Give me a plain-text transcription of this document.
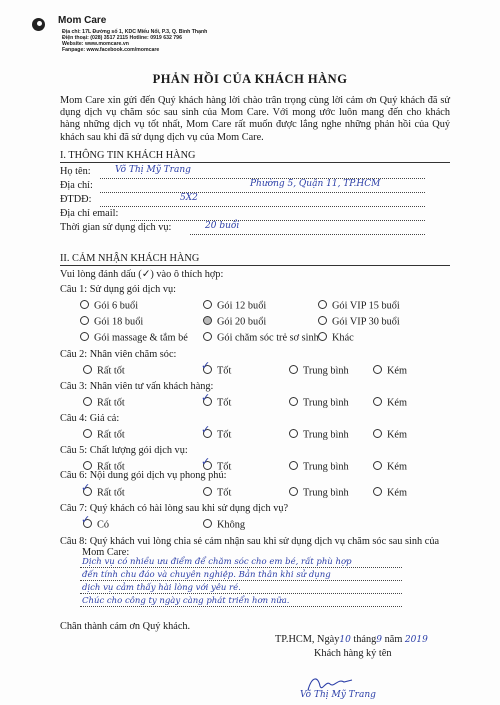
Mom Care
Địa chỉ: 17L Đường số 1, KDC Miếu Nổi, P.3, Q. Bình Thạnh
Điện thoại: (028) 3517 2115 Hotline: 0919 632 796
Website: www.momcare.vn
Fanpage: www.facebook.com/momcare
PHẢN HỒI CỦA KHÁCH HÀNG
Mom Care xin gửi đến Quý khách hàng lời chào trân trọng cùng lời cảm ơn Quý khách đã sử dụng dịch vụ chăm sóc sau sinh của Mom Care. Với mong ước luôn mang đến cho khách hàng những dịch vụ tốt nhất, Mom Care rất muốn được lắng nghe những phản hồi của Quý khách sau khi đã sử dụng dịch vụ của Mom Care.
I. THÔNG TIN KHÁCH HÀNG
Họ tên:	Võ Thị Mỹ Trang
Địa chỉ:	Phường 5, Quận 11, TP.HCM
ĐTDĐ:	5X2
Địa chỉ email:
Thời gian sử dụng dịch vụ:	20 buổi
II. CẢM NHẬN KHÁCH HÀNG
Vui lòng đánh dấu (✓) vào ô thích hợp:
Câu 1: Sử dụng gói dịch vụ:
Gói 6 buổi	Gói 12 buổi	Gói VIP 15 buổi
Gói 18 buổi	Gói 20 buổi	Gói VIP 30 buổi
Gói massage & tắm bé	Gói chăm sóc trẻ sơ sinh	Khác
Câu 2: Nhân viên chăm sóc:
Rất tốt	✓ Tốt	Trung bình	Kém
Câu 3: Nhân viên tư vấn khách hàng:
Rất tốt	✓ Tốt	Trung bình	Kém
Câu 4: Giá cả:
Rất tốt	✓ Tốt	Trung bình	Kém
Câu 5: Chất lượng gói dịch vụ:
Rất tốt	✓ Tốt	Trung bình	Kém
Câu 6: Nội dung gói dịch vụ phong phú:
✓ Rất tốt	Tốt	Trung bình	Kém
Câu 7: Quý khách có hài lòng sau khi sử dụng dịch vụ?
✓ Có	Không
Câu 8: Quý khách vui lòng chia sẻ cảm nhận sau khi sử dụng dịch vụ chăm sóc sau sinh của
Mom Care:
Dịch vụ có nhiều ưu điểm để chăm sóc cho em bé, rất phù hợp
đến tính chu đáo và chuyên nghiệp. Bản thân khi sử dụng
dịch vụ cảm thấy hài lòng với yêu ré.
Chúc cho công ty ngày càng phát triển hơn nữa.
Chân thành cám ơn Quý khách.
TP.HCM, Ngày10 tháng9 năm 2019
Khách hàng ký tên
Võ Thị Mỹ Trang
